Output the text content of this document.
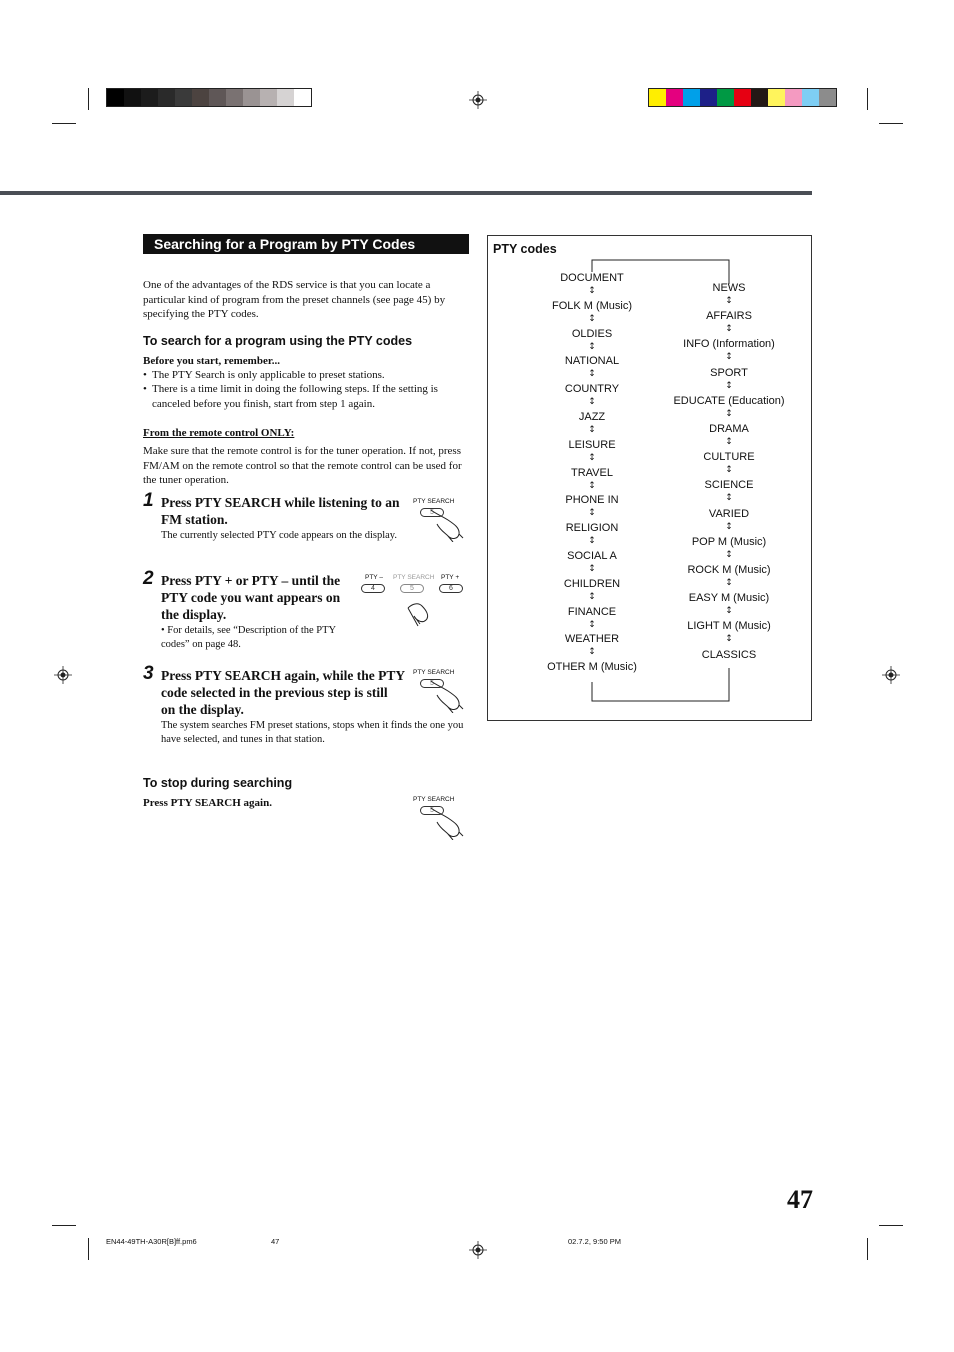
Searching for a Program by PTY Codes
One of the advantages of the RDS service is that you can locate a particular kind of program from the preset channels (see page 45) by specifying the PTY codes.
To search for a program using the PTY codes
Before you start, remember...
• The PTY Search is only applicable to preset stations.
• There is a time limit in doing the following steps. If the setting is canceled before you finish, start from step 1 again.
From the remote control ONLY:
Make sure that the remote control is for the tuner operation. If not, press FM/AM on the remote control so that the remote control can be used for the tuner operation.
1 Press PTY SEARCH while listening to an FM station.
The currently selected PTY code appears on the display.
PTY SEARCH
5
2 Press PTY + or PTY – until the PTY code you want appears on the display.
• For details, see “Description of the PTY codes” on page 48.
PTY – PTY SEARCH PTY +
4	5	6
3 Press PTY SEARCH again, while the PTY code selected in the previous step is still on the display.
The system searches FM preset stations, stops when it finds the one you have selected, and tunes in that station.
PTY SEARCH
5
To stop during searching
Press PTY SEARCH again.	PTY SEARCH
5
PTY codes
DOCUMENT
↕
FOLK M (Music)
↕
OLDIES
↕
NATIONAL
↕
COUNTRY
↕
JAZZ
↕
LEISURE
↕
TRAVEL
↕
PHONE IN
↕
RELIGION
↕
SOCIAL A
↕
CHILDREN
↕
FINANCE
↕
WEATHER
↕
OTHER M (Music)
NEWS
↕
AFFAIRS
↕
INFO (Information)
↕
SPORT
↕
EDUCATE (Education)
↕
DRAMA
↕
CULTURE
↕
SCIENCE
↕
VARIED
↕
POP M (Music)
↕
ROCK M (Music)
↕
EASY M (Music)
↕
LIGHT M (Music)
↕
CLASSICS
47
EN44-49TH-A30R[B]ff.pm6	47	02.7.2, 9:50 PM
